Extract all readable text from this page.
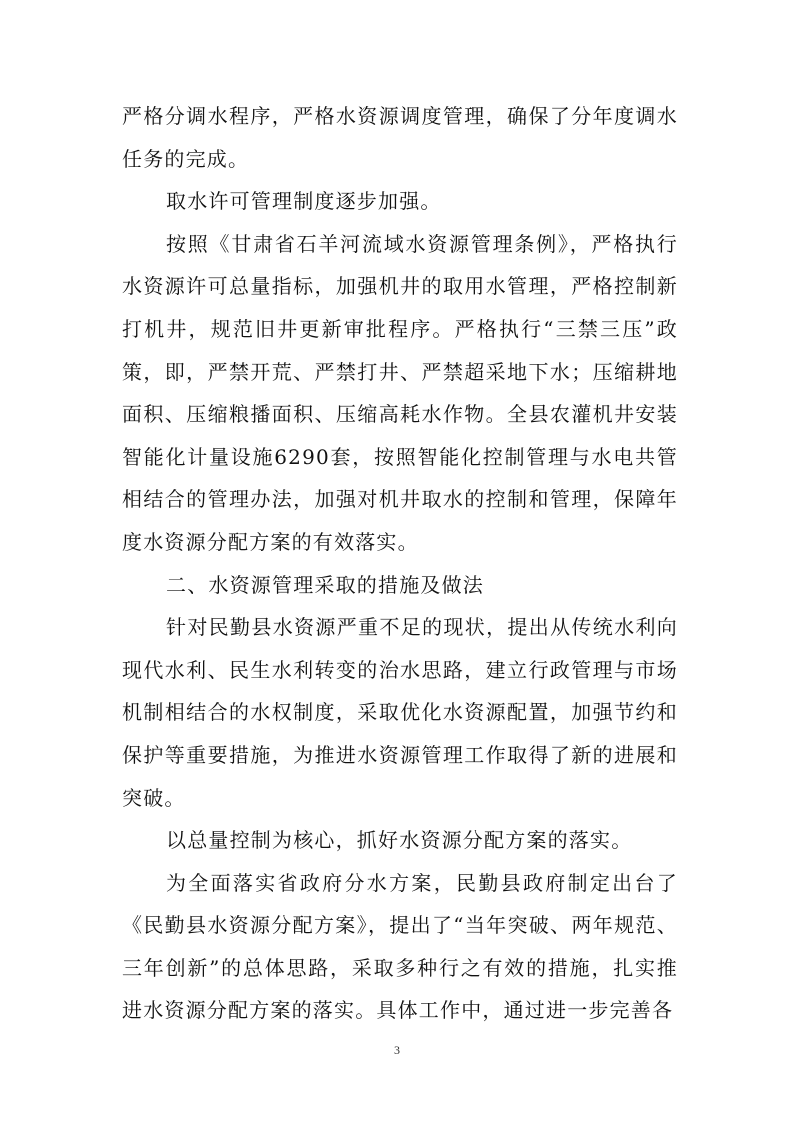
严格分调水程序，严格水资源调度管理，确保了分年度调水任务的完成。

取水许可管理制度逐步加强。

按照《甘肃省石羊河流域水资源管理条例》，严格执行水资源许可总量指标，加强机井的取用水管理，严格控制新打机井，规范旧井更新审批程序。严格执行“三禁三压”政策，即，严禁开荒、严禁打井、严禁超采地下水；压缩耕地面积、压缩粮播面积、压缩高耗水作物。全县农灌机井安装智能化计量设施6290套，按照智能化控制管理与水电共管相结合的管理办法，加强对机井取水的控制和管理，保障年度水资源分配方案的有效落实。

二、水资源管理采取的措施及做法

针对民勤县水资源严重不足的现状，提出从传统水利向现代水利、民生水利转变的治水思路，建立行政管理与市场机制相结合的水权制度，采取优化水资源配置，加强节约和保护等重要措施，为推进水资源管理工作取得了新的进展和突破。

以总量控制为核心，抓好水资源分配方案的落实。

为全面落实省政府分水方案，民勤县政府制定出台了《民勤县水资源分配方案》，提出了“当年突破、两年规范、三年创新”的总体思路，采取多种行之有效的措施，扎实推进水资源分配方案的落实。具体工作中，通过进一步完善各

3
